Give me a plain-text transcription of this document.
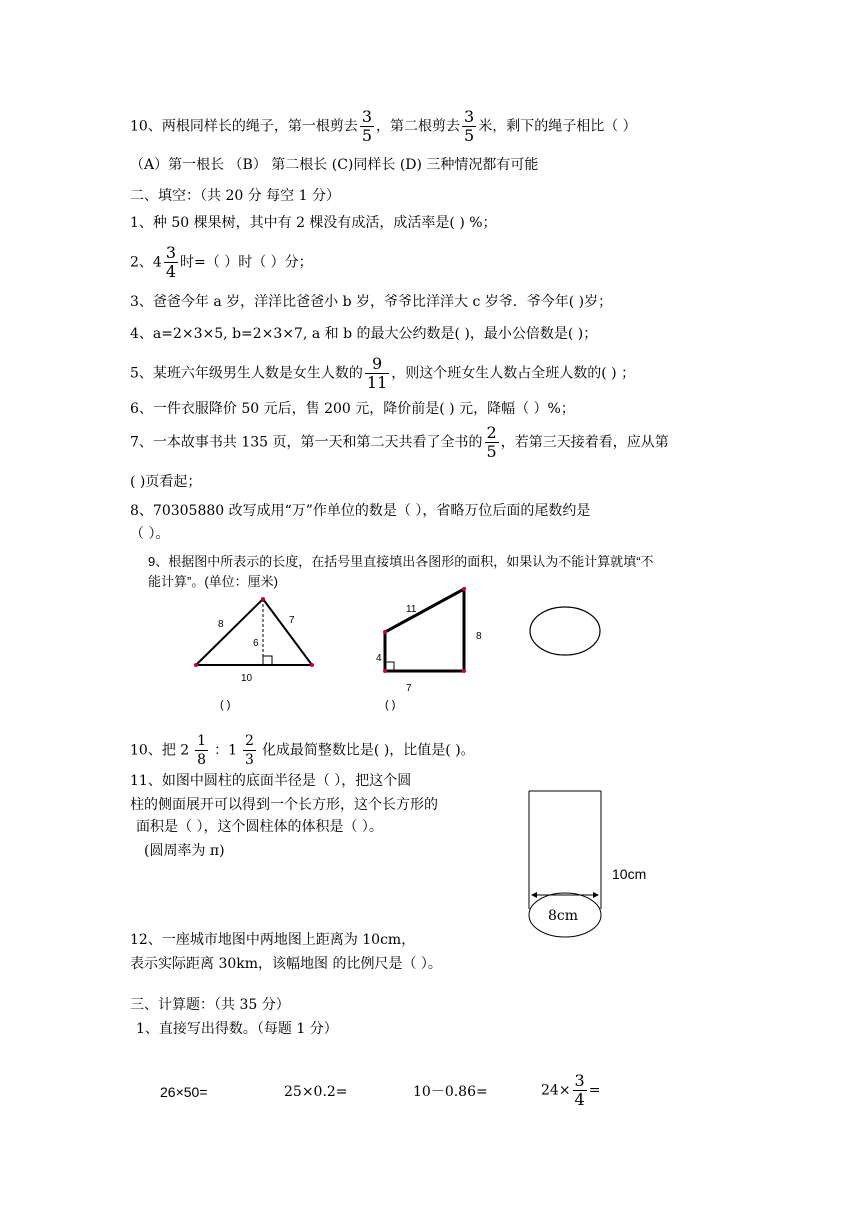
10、两根同样长的绳子，第一根剪去 $\frac{3}{5}$ ，第二根剪去 $\frac{3}{5}$ 米，剩下的绳子相比（ ）
（A）第一根长 （B） 第二根长 (C)同样长 (D) 三种情况都有可能
二、填空：（共 20 分 每空 1 分）
1、种 50 棵果树，其中有 2 棵没有成活，成活率是( ) %；
2、$4 \frac{3}{4}$ 时=（ ）时（ ）分；
3、爸爸今年 a 岁，洋洋比爸爸小 b 岁，爷爷比洋洋大 c 岁爷．爷今年( )岁；
4、a=2×3×5, b=2×3×7, a 和 b 的最大公约数是( )，最小公倍数是( )；
5、某班六年级男生人数是女生人数的 $\frac{9}{11}$ ，则这个班女生人数占全班人数的( ) ；
6、一件衣服降价 50 元后，售 200 元，降价前是( ) 元，降幅（ ）%；
7、一本故事书共 135 页，第一天和第二天共看了全书的 $\frac{2}{5}$ ，若第三天接着看，应从第
( )页看起；
8、70305880 改写成用“万”作单位的数是（ ），省略万位后面的尾数约是
（ ）。
9、根据图中所表示的长度，在括号里直接填出各图形的面积，如果认为不能计算就填“不
能计算”。(单位：厘米)
8	7
6
10
( )
11
8
4
7
( )
10、把 $2 \frac{1}{8}$ ：$1 \frac{2}{3}$ 化成最简整数比是( )，比值是( )。
11、如图中圆柱的底面半径是（ ），把这个圆
柱的侧面展开可以得到一个长方形，这个长方形的
面积是（ ），这个圆柱体的体积是（ ）。
(圆周率为 π)
10cm
8cm
12、一座城市地图中两地图上距离为 10cm，
表示实际距离 30km，该幅地图 的比例尺是（ ）。
三、计算题：（共 35 分）
1、直接写出得数。（每题 1 分）
26×50=	25×0.2=	10－0.86=	$24\times \frac{3}{4}$ =
